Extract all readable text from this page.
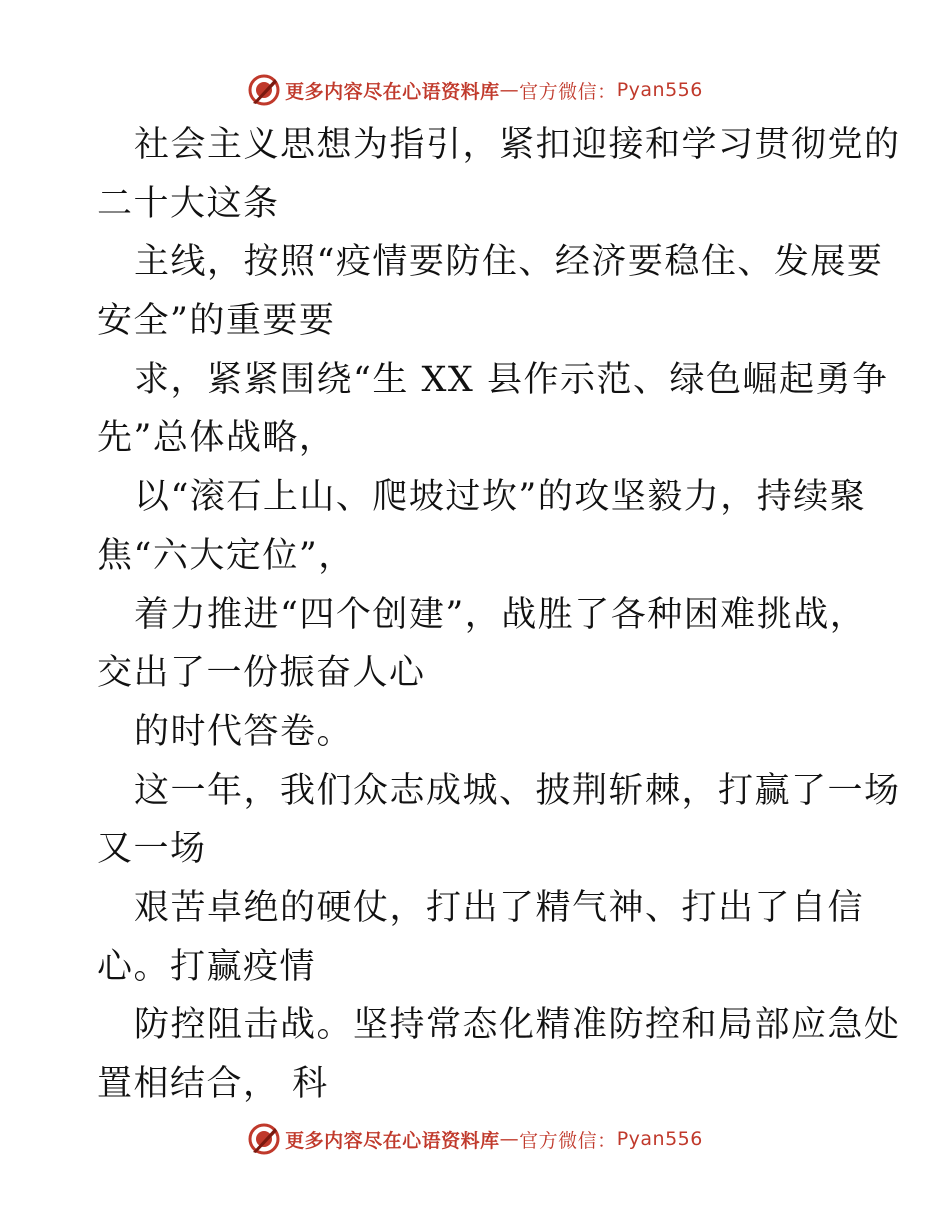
更多内容尽在心语资料库 — 官方微信： Pyan556
社会主义思想为指引，紧扣迎接和学习贯彻党的
二十大这条
主线，按照“疫情要防住、经济要稳住、发展要
安全”的重要要
求，紧紧围绕“生 XX 县作示范、绿色崛起勇争
先”总体战略，
以“滚石上山、爬坡过坎”的攻坚毅力，持续聚
焦“六大定位”，
着力推进“四个创建”，战胜了各种困难挑战，
交出了一份振奋人心
的时代答卷。
这一年，我们众志成城、披荆斩棘，打赢了一场
又一场
艰苦卓绝的硬仗，打出了精气神、打出了自信
心。打赢疫情
防控阻击战。坚持常态化精准防控和局部应急处
置相结合， 科
更多内容尽在心语资料库 — 官方微信： Pyan556
